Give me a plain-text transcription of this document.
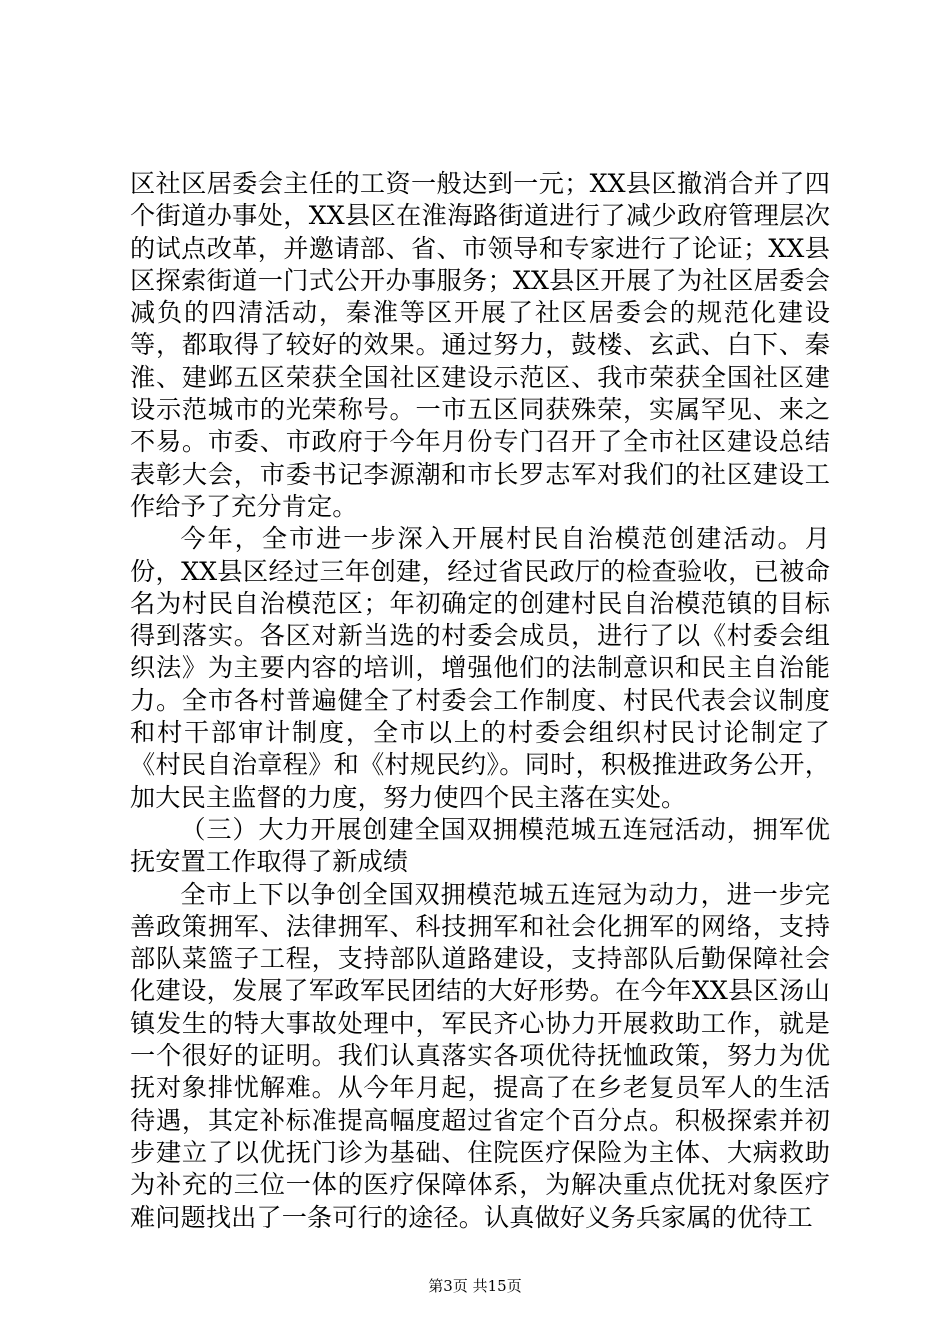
区社区居委会主任的工资一般达到一元；XX县区撤消合并了四个街道办事处，XX县区在淮海路街道进行了减少政府管理层次的试点改革，并邀请部、省、市领导和专家进行了论证；XX县区探索街道一门式公开办事服务；XX县区开展了为社区居委会减负的四清活动，秦淮等区开展了社区居委会的规范化建设等，都取得了较好的效果。通过努力，鼓楼、玄武、白下、秦淮、建邺五区荣获全国社区建设示范区、我市荣获全国社区建设示范城市的光荣称号。一市五区同获殊荣，实属罕见、来之不易。市委、市政府于今年月份专门召开了全市社区建设总结表彰大会，市委书记李源潮和市长罗志军对我们的社区建设工作给予了充分肯定。

今年，全市进一步深入开展村民自治模范创建活动。月份，XX县区经过三年创建，经过省民政厅的检查验收，已被命名为村民自治模范区；年初确定的创建村民自治模范镇的目标得到落实。各区对新当选的村委会成员，进行了以《村委会组织法》为主要内容的培训，增强他们的法制意识和民主自治能力。全市各村普遍健全了村委会工作制度、村民代表会议制度和村干部审计制度，全市以上的村委会组织村民讨论制定了《村民自治章程》和《村规民约》。同时，积极推进政务公开，加大民主监督的力度，努力使四个民主落在实处。

（三）大力开展创建全国双拥模范城五连冠活动，拥军优抚安置工作取得了新成绩

全市上下以争创全国双拥模范城五连冠为动力，进一步完善政策拥军、法律拥军、科技拥军和社会化拥军的网络，支持部队菜篮子工程，支持部队道路建设，支持部队后勤保障社会化建设，发展了军政军民团结的大好形势。在今年XX县区汤山镇发生的特大事故处理中，军民齐心协力开展救助工作，就是一个很好的证明。我们认真落实各项优待抚恤政策，努力为优抚对象排忧解难。从今年月起，提高了在乡老复员军人的生活待遇，其定补标准提高幅度超过省定个百分点。积极探索并初步建立了以优抚门诊为基础、住院医疗保险为主体、大病救助为补充的三位一体的医疗保障体系，为解决重点优抚对象医疗难问题找出了一条可行的途径。认真做好义务兵家属的优待工

第3页 共15页
